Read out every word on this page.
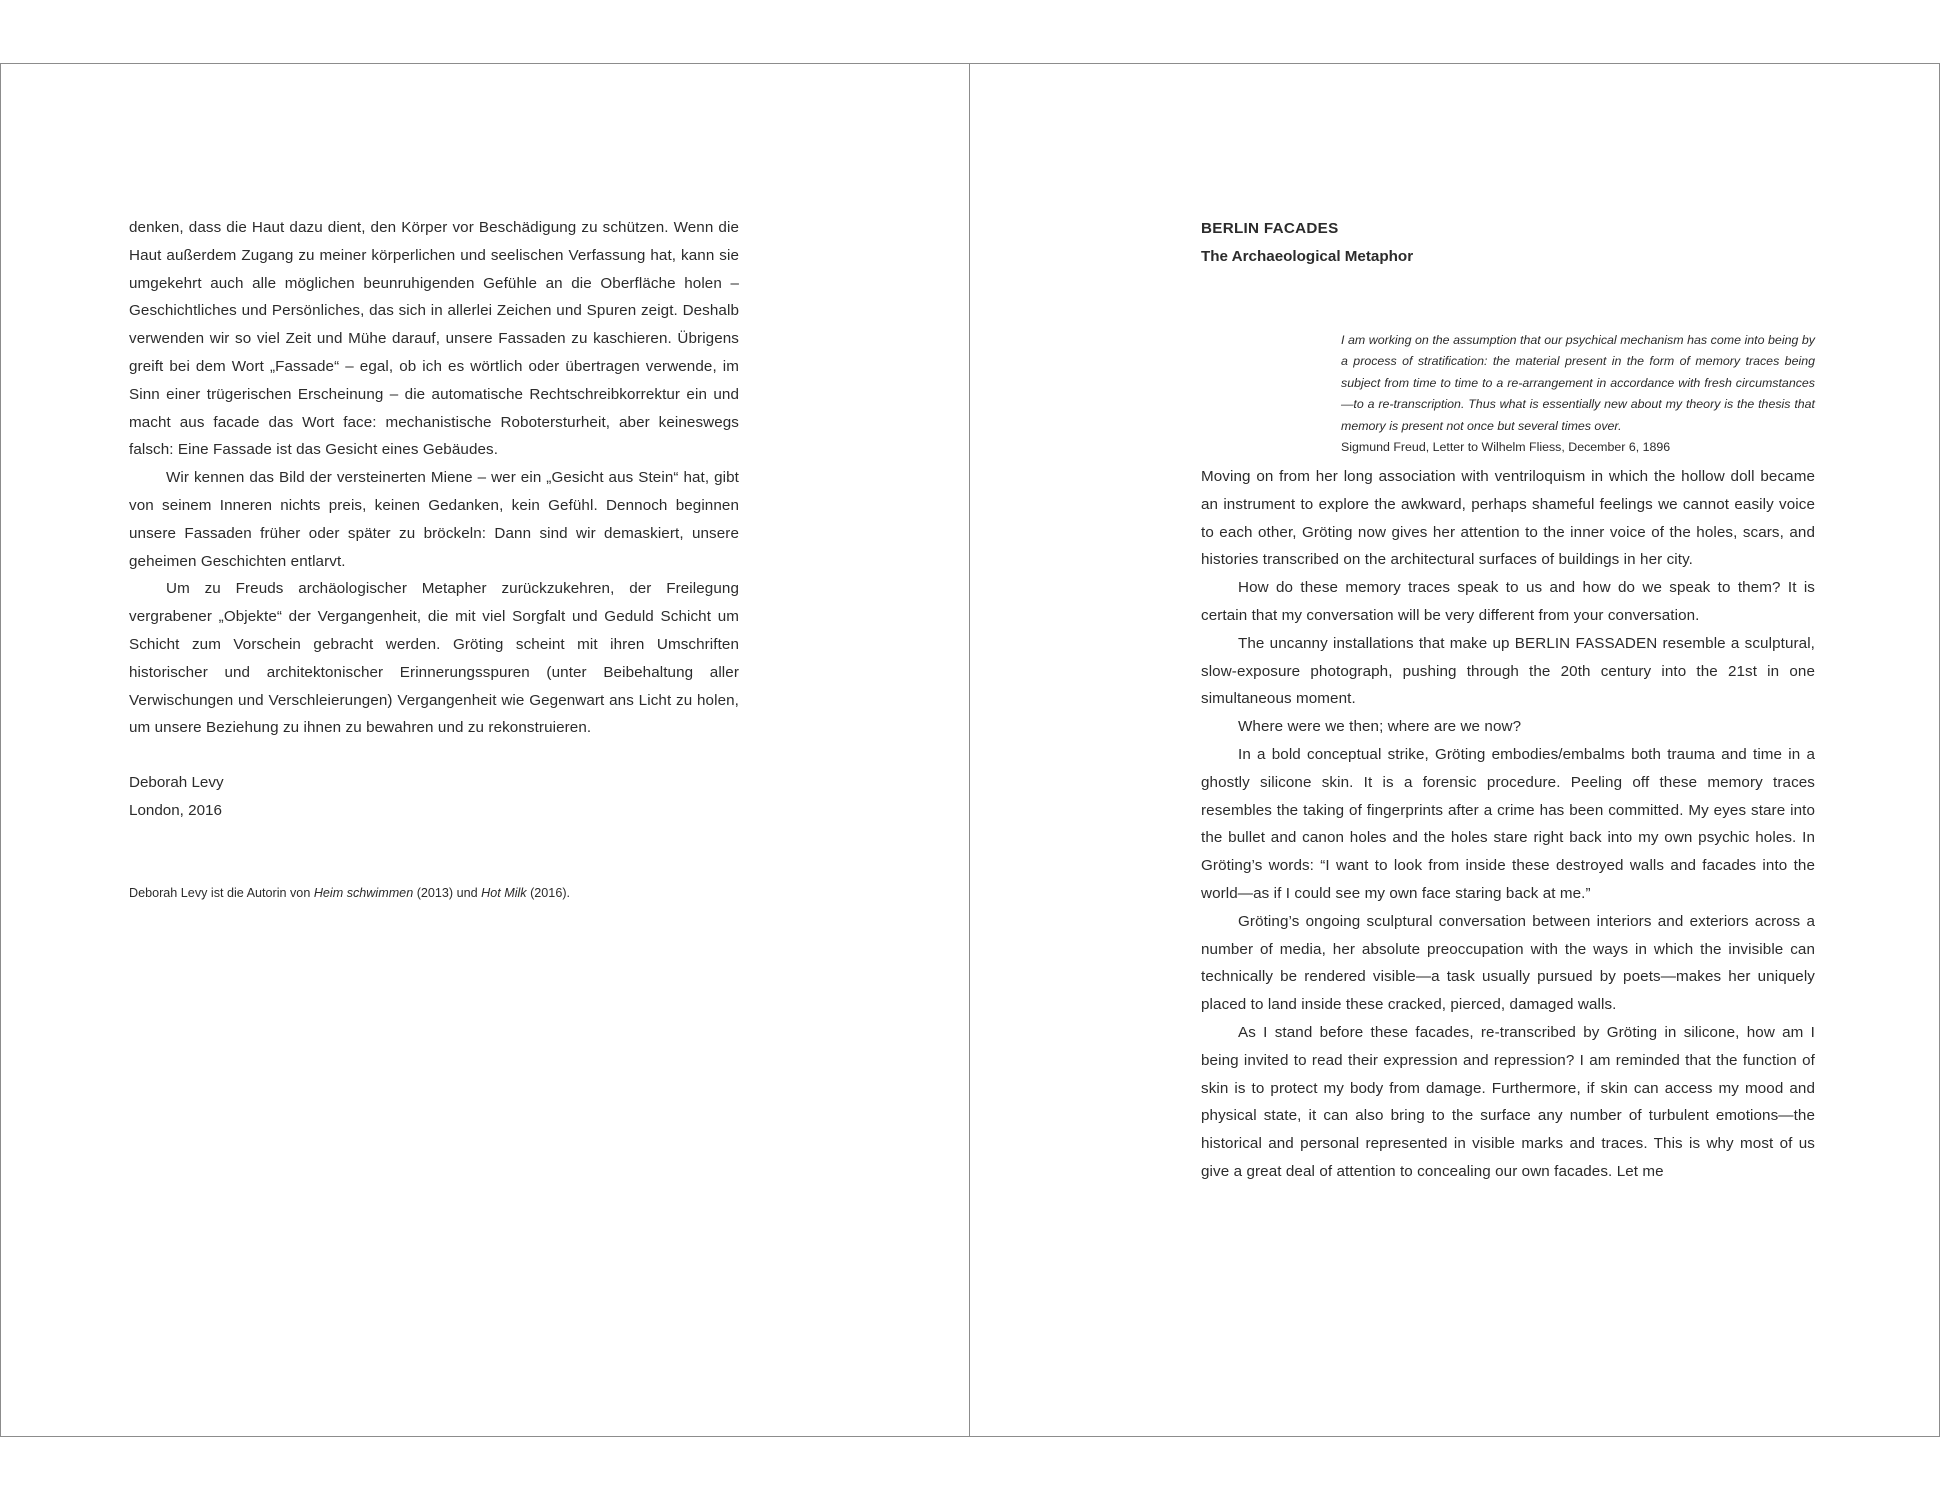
denken, dass die Haut dazu dient, den Körper vor Beschädigung zu schützen. Wenn die Haut außerdem Zugang zu meiner körperlichen und seelischen Verfassung hat, kann sie umgekehrt auch alle möglichen beunruhigenden Gefühle an die Oberfläche holen – Geschichtliches und Persönliches, das sich in allerlei Zeichen und Spuren zeigt. Deshalb verwenden wir so viel Zeit und Mühe darauf, unsere Fassaden zu kaschieren. Übrigens greift bei dem Wort „Fassade“ – egal, ob ich es wörtlich oder übertragen verwende, im Sinn einer trügerischen Erscheinung – die automatische Rechtschreibkorrektur ein und macht aus facade das Wort face: mechanistische Robotersturheit, aber keineswegs falsch: Eine Fassade ist das Gesicht eines Gebäudes.

Wir kennen das Bild der versteinerten Miene – wer ein „Gesicht aus Stein“ hat, gibt von seinem Inneren nichts preis, keinen Gedanken, kein Gefühl. Dennoch beginnen unsere Fassaden früher oder später zu bröckeln: Dann sind wir demaskiert, unsere geheimen Geschichten entlarvt.

Um zu Freuds archäologischer Metapher zurückzukehren, der Freilegung vergrabener „Objekte“ der Vergangenheit, die mit viel Sorgfalt und Geduld Schicht um Schicht zum Vorschein gebracht werden. Gröting scheint mit ihren Umschriften historischer und architektonischer Erinnerungsspuren (unter Beibehaltung aller Verwischungen und Verschleierungen) Vergangenheit wie Gegenwart ans Licht zu holen, um unsere Beziehung zu ihnen zu bewahren und zu rekonstruieren.

Deborah Levy
London, 2016
Deborah Levy ist die Autorin von Heim schwimmen (2013) und Hot Milk (2016).
BERLIN FACADES
The Archaeological Metaphor

I am working on the assumption that our psychical mechanism has come into being by a process of stratification: the material present in the form of memory traces being subject from time to time to a re-arrangement in accordance with fresh circumstances—to a re-transcription. Thus what is essentially new about my theory is the thesis that memory is present not once but several times over.

Sigmund Freud, Letter to Wilhelm Fliess, December 6, 1896

Moving on from her long association with ventriloquism in which the hollow doll became an instrument to explore the awkward, perhaps shameful feelings we cannot easily voice to each other, Gröting now gives her attention to the inner voice of the holes, scars, and histories transcribed on the architectural surfaces of buildings in her city.

How do these memory traces speak to us and how do we speak to them? It is certain that my conversation will be very different from your conversation.

The uncanny installations that make up BERLIN FASSADEN resemble a sculptural, slow-exposure photograph, pushing through the 20th century into the 21st in one simultaneous moment.

Where were we then; where are we now?

In a bold conceptual strike, Gröting embodies/embalms both trauma and time in a ghostly silicone skin. It is a forensic procedure. Peeling off these memory traces resembles the taking of fingerprints after a crime has been committed. My eyes stare into the bullet and canon holes and the holes stare right back into my own psychic holes. In Gröting’s words: “I want to look from inside these destroyed walls and facades into the world—as if I could see my own face staring back at me.”

Gröting’s ongoing sculptural conversation between interiors and exteriors across a number of media, her absolute preoccupation with the ways in which the invisible can technically be rendered visible—a task usually pursued by poets—makes her uniquely placed to land inside these cracked, pierced, damaged walls.

As I stand before these facades, re-transcribed by Gröting in silicone, how am I being invited to read their expression and repression? I am reminded that the function of skin is to protect my body from damage. Furthermore, if skin can access my mood and physical state, it can also bring to the surface any number of turbulent emotions—the historical and personal represented in visible marks and traces. This is why most of us give a great deal of attention to concealing our own facades. Let me
